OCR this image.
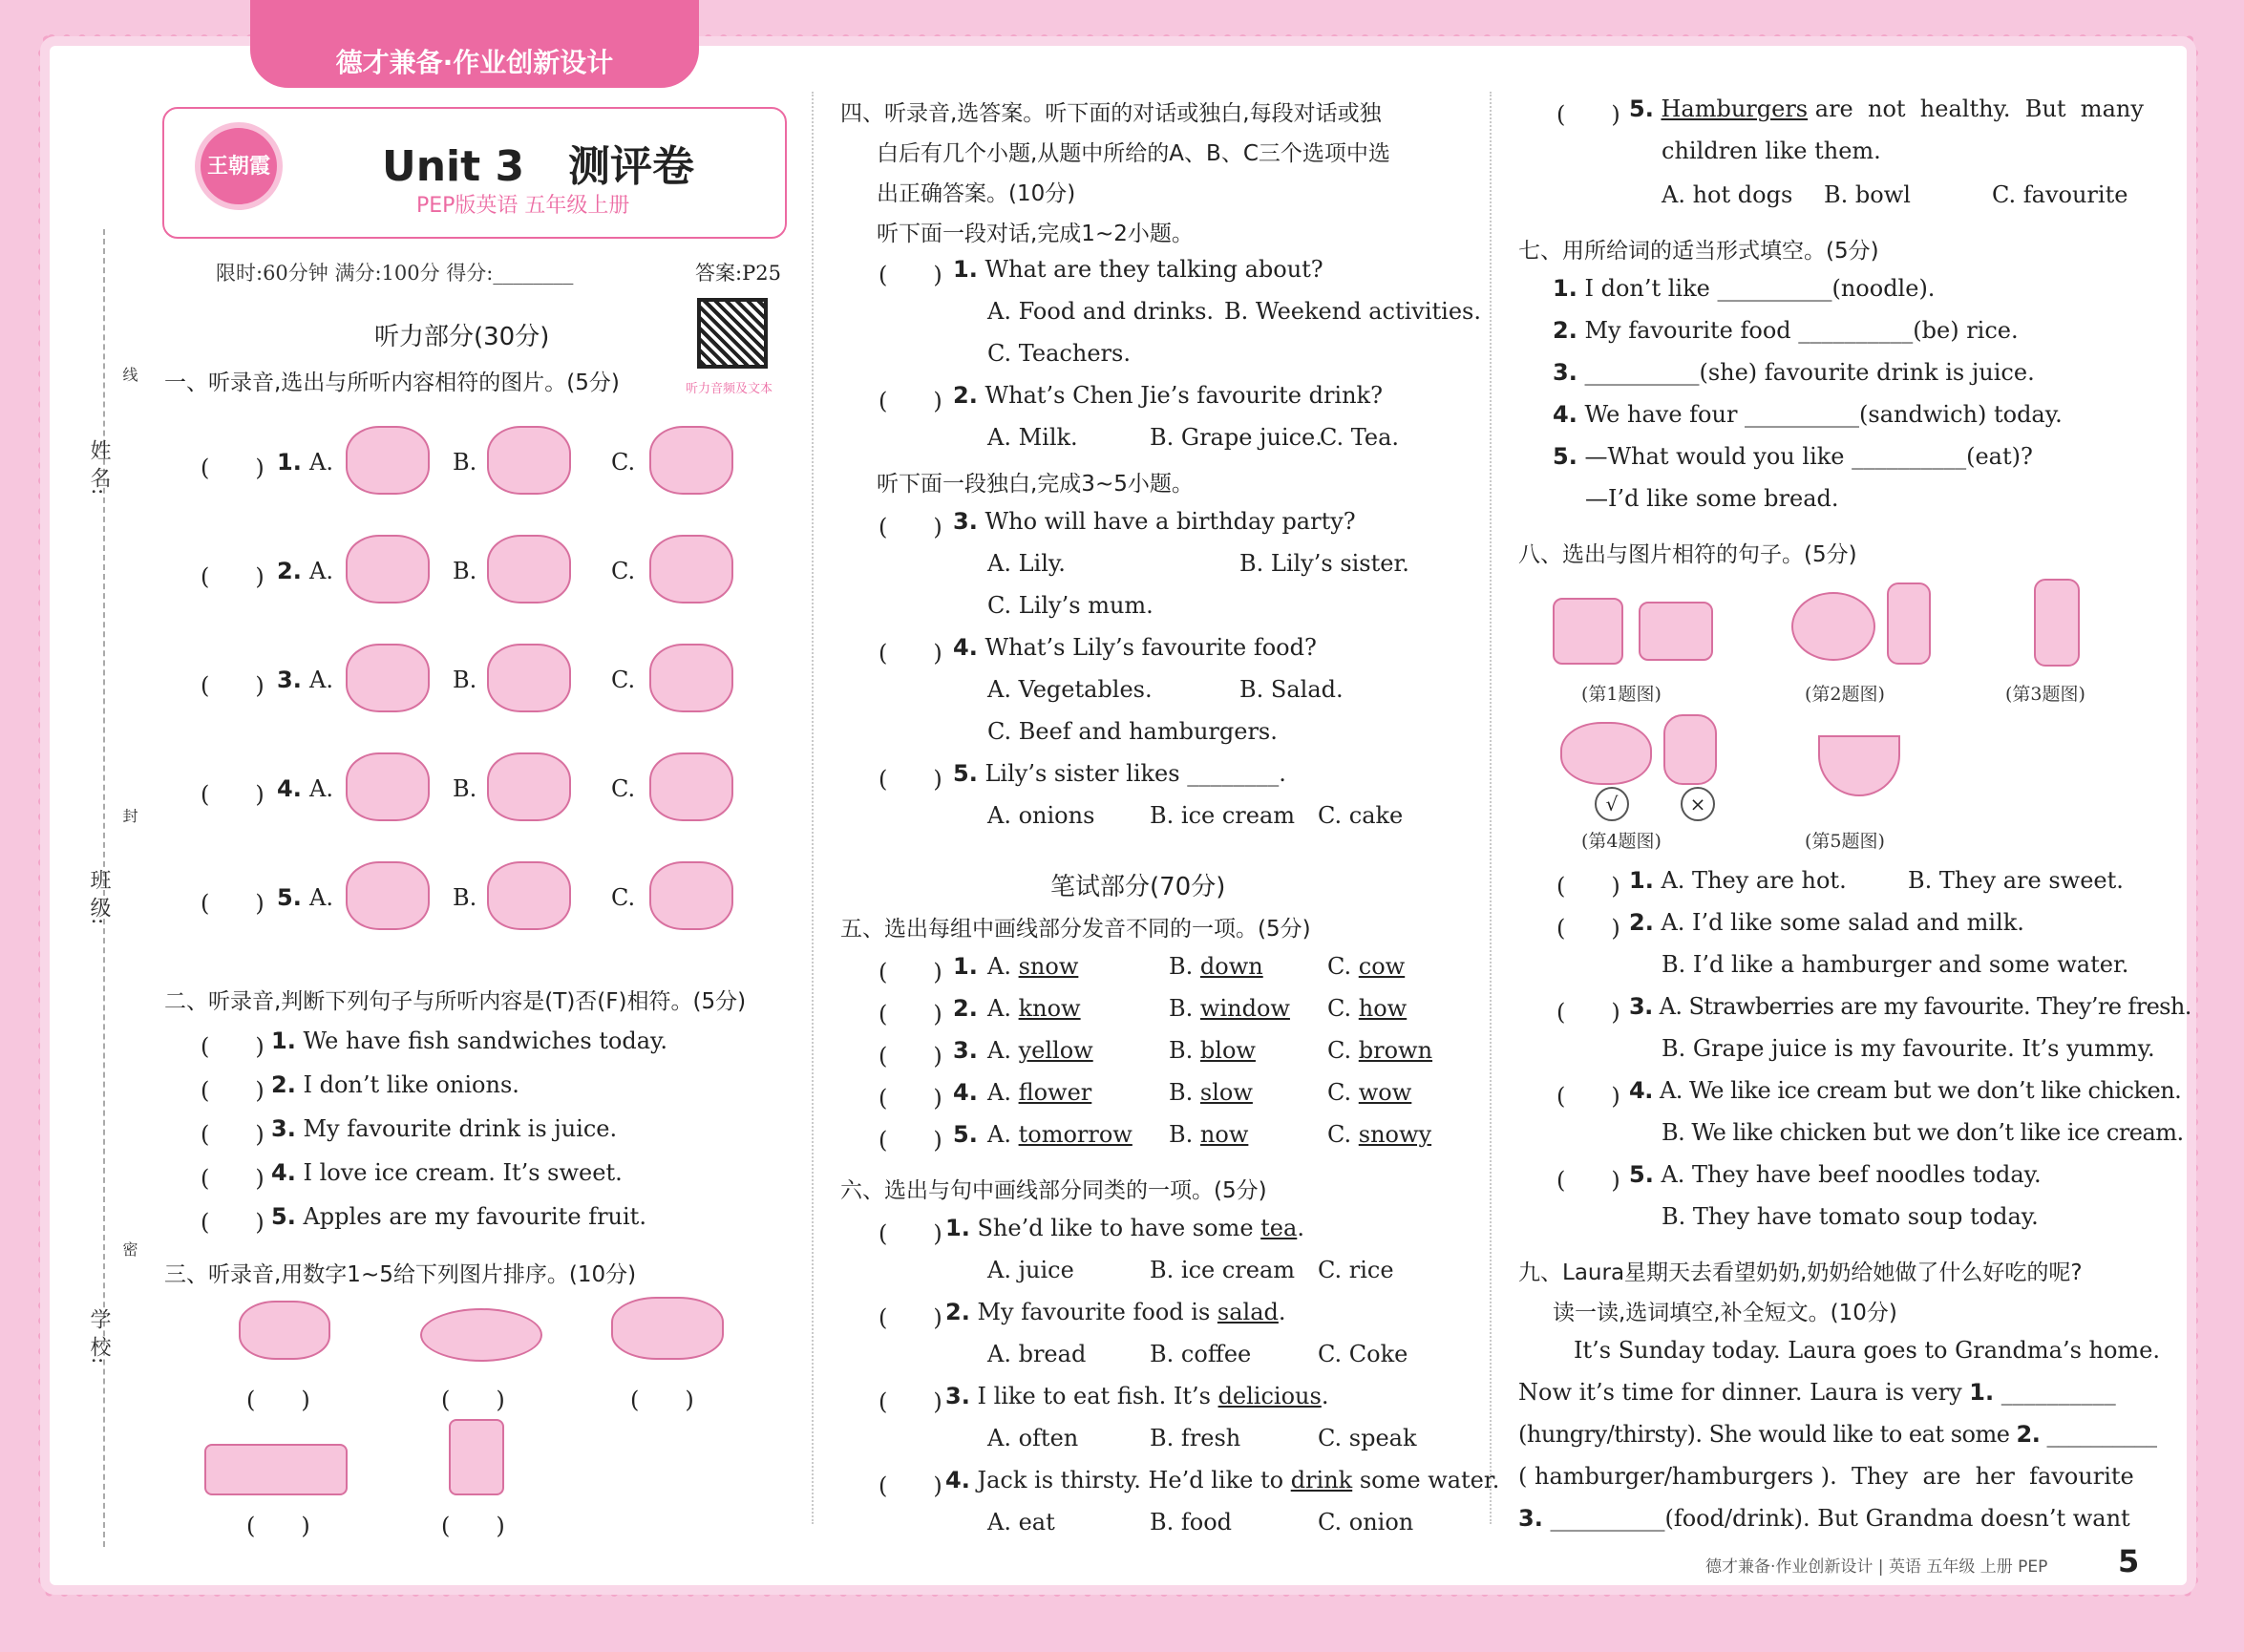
德才兼备·作业创新设计
姓 名:
班 级:
学 校:
线
封
密
王朝霞	Unit 3   测评卷
PEP版英语 五年级上册
限时:60分钟 满分:100分 得分:________	答案:P25
听力音频及文本
听力部分(30分)
一、听录音,选出与所听内容相符的图片。(5分)
(　　) 1. A.	B.	C.
(　　) 2. A.	B.	C.
(　　) 3. A.	B.	C.
(　　) 4. A.	B.	C.
(　　) 5. A.	B.	C.
二、听录音,判断下列句子与所听内容是(T)否(F)相符。(5分)
(　　) 1. We have fish sandwiches today.
(　　) 2. I don’t like onions.
(　　) 3. My favourite drink is juice.
(　　) 4. I love ice cream. It’s sweet.
(　　) 5. Apples are my favourite fruit.
三、听录音,用数字1~5给下列图片排序。(10分)
(　　)	(　　)	(　　)
(　　)	(　　)
四、听录音,选答案。听下面的对话或独白,每段对话或独
白后有几个小题,从题中所给的A、B、C三个选项中选
出正确答案。(10分)
听下面一段对话,完成1~2小题。
(　　) 1. What are they talking about?
A. Food and drinks. B. Weekend activities.
C. Teachers.
(　　) 2. What’s Chen Jie’s favourite drink?
A. Milk.	B. Grape juice.
C. Tea.
听下面一段独白,完成3~5小题。
(　　) 3. Who will have a birthday party?
A. Lily.	B. Lily’s sister.
C. Lily’s mum.
(　　) 4. What’s Lily’s favourite food?
A. Vegetables.	B. Salad.
C. Beef and hamburgers.
(　　) 5. Lily’s sister likes ________.
A. onions B. ice cream C. cake
笔试部分(70分)
五、选出每组中画线部分发音不同的一项。(5分)
(　　) 1. A. snow	B. down	C. cow
(　　) 2. A. know	B. window C. how
(　　) 3. A. yellow	B. blow	C. brown
(　　) 4. A. flower	B. slow	C. wow
(　　) 5. A. tomorrow B. now	C. snowy
六、选出与句中画线部分同类的一项。(5分)
(　　) 1. She’d like to have some tea.
A. juice	B. ice cream C. rice
(　　) 2. My favourite food is salad.
A. bread	B. coffee	C. Coke
(　　) 3. I like to eat fish. It’s delicious.
A. often	B. fresh	C. speak
(　　) 4. Jack is thirsty. He’d like to drink some water.
A. eat	B. food	C. onion
(　　) 5. Hamburgers are  not  healthy.  But  many
children like them.
A. hot dogs B. bowl	C. favourite
七、用所给词的适当形式填空。(5分)
1. I don’t like __________(noodle).
2. My favourite food __________(be) rice.
3. __________(she) favourite drink is juice.
4. We have four __________(sandwich) today.
5. —What would you like __________(eat)?
—I’d like some bread.
八、选出与图片相符的句子。(5分)
(第1题图)	(第2题图)	(第3题图)
√	×
(第4题图)	(第5题图)
(　　) 1. A. They are hot.	B. They are sweet.
(　　) 2. A. I’d like some salad and milk.
B. I’d like a hamburger and some water.
(　　) 3. A. Strawberries are my favourite. They’re fresh.
B. Grape juice is my favourite. It’s yummy.
(　　) 4. A. We like ice cream but we don’t like chicken.
B. We like chicken but we don’t like ice cream.
(　　) 5. A. They have beef noodles today.
B. They have tomato soup today.
九、Laura星期天去看望奶奶,奶奶给她做了什么好吃的呢?
读一读,选词填空,补全短文。(10分)
It’s Sunday today. Laura goes to Grandma’s home.
Now it’s time for dinner. Laura is very 1. __________
(hungry/thirsty). She would like to eat some 2. __________
( hamburger/hamburgers ).  They  are  her  favourite
3. __________(food/drink). But Grandma doesn’t want
德才兼备·作业创新设计 | 英语 五年级 上册 PEP 5
